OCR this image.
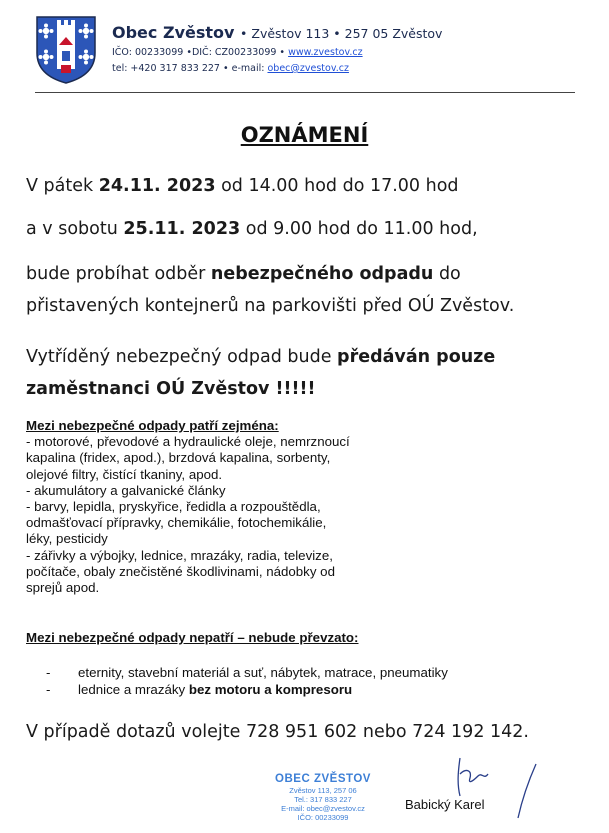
Obec Zvěstov • Zvěstov 113 • 257 05 Zvěstov
IČO: 00233099 •DIČ: CZ00233099 • www.zvestov.cz
tel: +420 317 833 227 • e-mail: obec@zvestov.cz
OZNÁMENÍ
V pátek 24.11. 2023 od 14.00 hod do 17.00 hod
a v sobotu 25.11. 2023 od 9.00 hod do 11.00 hod,
bude probíhat odběr nebezpečného odpadu do
přistavených kontejnerů na parkovišti před OÚ Zvěstov.
Vytříděný nebezpečný odpad bude předáván pouze
zaměstnanci OÚ Zvěstov !!!!!
Mezi nebezpečné odpady patří zejména:
- motorové, převodové a hydraulické oleje, nemrznoucí
kapalina (fridex, apod.), brzdová kapalina, sorbenty,
olejové filtry, čistící tkaniny, apod.
- akumulátory a galvanické články
- barvy, lepidla, pryskyřice, ředidla a rozpouštědla,
odmašťovací přípravky, chemikálie, fotochemikálie,
léky, pesticidy
- zářivky a výbojky, lednice, mrazáky, radia, televize,
počítače, obaly znečistěné škodlivinami, nádobky od
sprejů apod.
Mezi nebezpečné odpady nepatří – nebude převzato:
-	eternity, stavební materiál a suť, nábytek, matrace, pneumatiky
-	lednice a mrazáky bez motoru a kompresoru
V případě dotazů volejte 728 951 602 nebo 724 192 142.
OBEC ZVĚSTOV
Zvěstov 113, 257 06
Tel.: 317 833 227
E-mail: obec@zvestov.cz
IČO: 00233099
Babický Karel
